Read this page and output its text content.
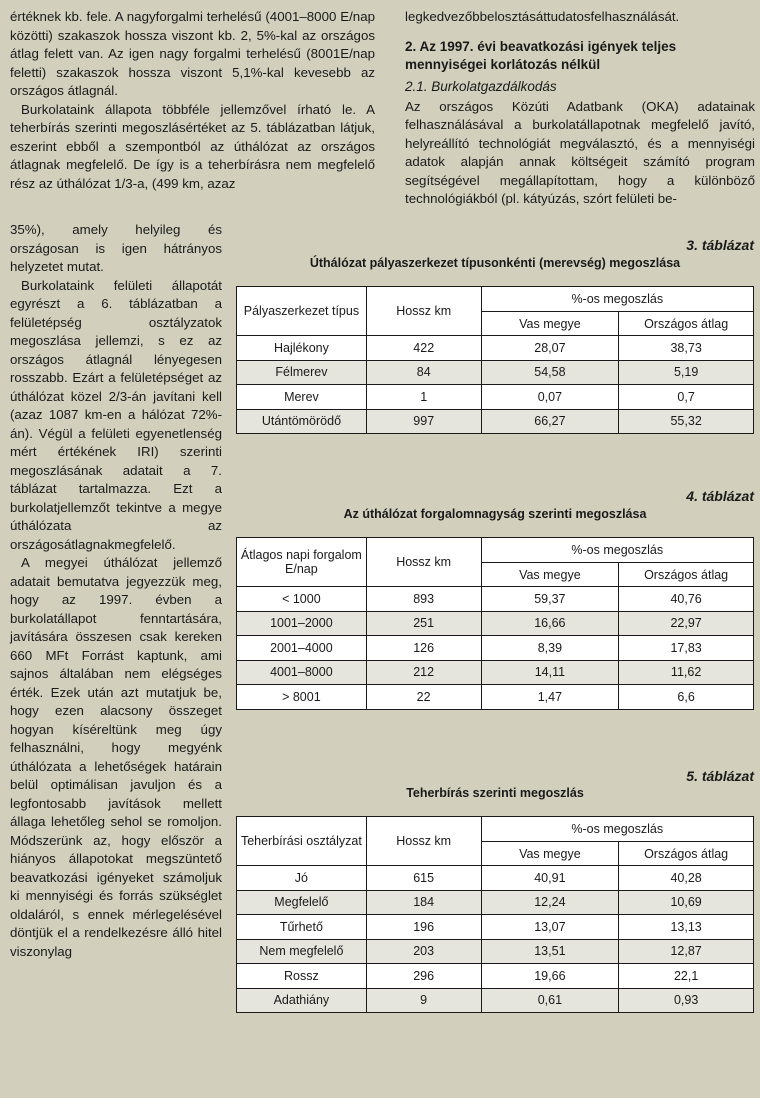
értéknek kb. fele. A nagyforgalmi terhelésű (4001–8000 E/nap közötti) szakaszok hossza viszont kb. 2, 5%-kal az országos átlag felett van. Az igen nagy forgalmi terhelésű (8001E/nap feletti) szakaszok hossza viszont 5,1%-kal kevesebb az országos átlagnál.

Burkolataink állapota többféle jellemzővel írható le. A teherbírás szerinti megoszlásértéket az 5. táblázatban látjuk, eszerint ebből a szempontból az úthálózat az országos átlagnak megfelelő. De így is a teherbírásra nem megfelelő rész az úthálózat 1/3-a, (499 km, azaz

35%), amely helyileg és országosan is igen hátrányos helyzetet mutat.

Burkolataink felületi állapotát egyrészt a 6. táblázatban a felületépség osztályzatok megoszlása jellemzi, s ez az országos átlagnál lényegesen rosszabb. Ezárt a felületépséget az úthálózat közel 2/3-án javítani kell (azaz 1087 km-en a hálózat 72%-án). Végül a felületi egyenetlenség mért értékének IRI) szerinti megoszlásának adatait a 7. táblázat tartalmazza. Ezt a burkolatjellemzőt tekintve a megye úthálózata az országosátlagnakmegfelelő.

A megyei úthálózat jellemző adatait bemutatva jegyezzük meg, hogy az 1997. évben a burkolatállapot fenntartására, javítására összesen csak kereken 660 MFt Forrást kaptunk, ami sajnos általában nem elégséges érték. Ezek után azt mutatjuk be, hogy ezen alacsony összeget hogyan kíséreltünk meg úgy felhasználni, hogy megyénk úthálózata a lehetőségek határain belül optimálisan javuljon és a legfontosabb javítások mellett állaga lehetőleg sehol se romoljon. Módszerünk az, hogy először a hiányos állapotokat megszüntető beavatkozási igényeket számoljuk ki mennyiségi és forrás szükséglet oldaláról, s ennek mérlegelésével döntjük el a rendelkezésre álló hitel viszonylag

legkedvezőbbelosztásáttudatosfelhasználását.

2. Az 1997. évi beavatkozási igények teljes mennyiségei korlátozás nélkül

2.1. Burkolatgazdálkodás

Az országos Közúti Adatbank (OKA) adatainak felhasználásával a burkolatállapotnak megfelelő javító, helyreállító technológiát megválasztó, és a mennyiségi adatok alapján annak költségeit számító program segítségével megállapítottam, hogy a különböző technológiákból (pl. kátyúzás, szórt felületi be-

3. táblázat
Úthálózat pályaszerkezet típusonkénti (merevség) megoszlása
Pályaszerkezet típus	Hossz km	%-os megoszlás	
		Vas megye	Országos átlag
Hajlékony	422	28,07	38,73
Félmerev	84	54,58	5,19
Merev	1	0,07	0,7
Utántömörödő	997	66,27	55,32
4. táblázat
Az úthálózat forgalomnagyság szerinti megoszlása
Átlagos napi forgalom E/nap	Hossz km	%-os megoszlás	
		Vas megye	Országos átlag
< 1000	893	59,37	40,76
1001–2000	251	16,66	22,97
2001–4000	126	8,39	17,83
4001–8000	212	14,11	11,62
> 8001	22	1,47	6,6
5. táblázat
Teherbírás szerinti megoszlás
Teherbírási osztályzat	Hossz km	%-os megoszlás	
		Vas megye	Országos átlag
Jó	615	40,91	40,28
Megfelelő	184	12,24	10,69
Tűrhető	196	13,07	13,13
Nem megfelelő	203	13,51	12,87
Rossz	296	19,66	22,1
Adathiány	9	0,61	0,93
